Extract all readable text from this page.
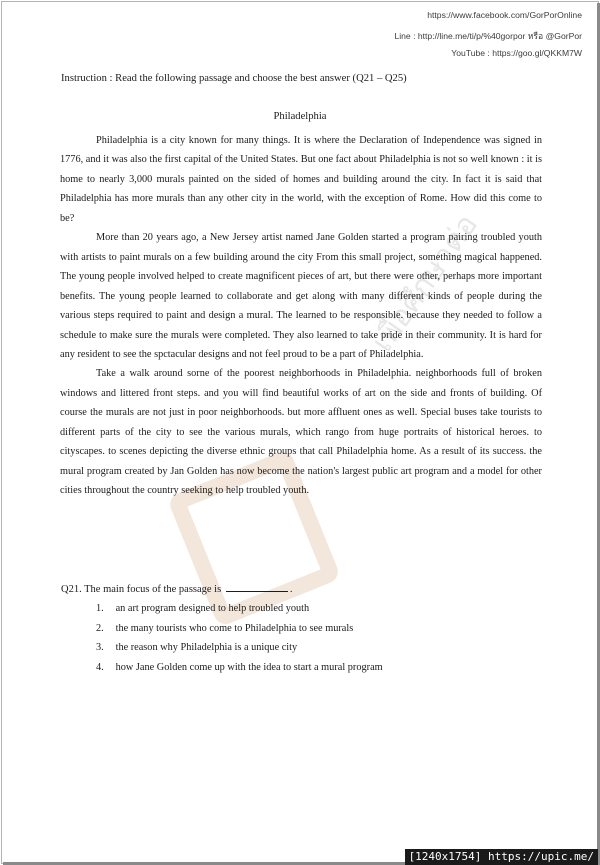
เพื่อศึกษาต่อ
https://www.facebook.com/GorPorOnline
Line : http://line.me/ti/p/%40gorpor หรือ @GorPor
YouTube : https://goo.gl/QKKM7W
Instruction : Read the following passage and choose the best answer (Q21 – Q25)
Philadelphia

Philadelphia is a city known for many things. It is where the Declaration of Independence was signed in 1776, and it was also the first capital of the United States. But one fact about Philadelphia is not so well known : it is home to nearly 3,000 murals painted on the sided of homes and building around the city. In fact it is said that Philadelphia has more murals than any other city in the world, with the exception of Rome. How did this come to be?

More than 20 years ago, a New Jersey artist named Jane Golden started a program pairing troubled youth with artists to paint murals on a few building around the city From this small project, something magical happened. The young people involved helped to create magnificent pieces of art, but there were other, perhaps more important benefits. The young people learned to collaborate and get along with many different kinds of people during the various steps required to paint and design a mural. The learned to be responsible. because they needed to follow a schedule to make sure the murals were completed. They also learned to take pride in their community. It is hard for any resident to see the spctacular designs and not feel proud to be a part of Philadelphia.

Take a walk around sorne of the poorest neighborhoods in Philadelphia. neighborhoods full of broken windows and littered front steps. and you will find beautiful works of art on the side and fronts of building. Of course the murals are not just in poor neighborhoods. but more affluent ones as well. Special buses take tourists to different parts of the city to see the various murals, which rango from huge portraits of historical heroes. to cityscapes. to scenes depicting the diverse ethnic groups that call Philadelphia home. As a result of its success. the mural program created by Jan Golden has now become the nation's largest public art program and a model for other cities throughout the country seeking to help troubled youth.

Q21. The main focus of the passage is	.
1. an art program designed to help troubled youth
2. the many tourists who come to Philadelphia to see murals
3. the reason why Philadelphia is a unique city
4. how Jane Golden come up with the idea to start a mural program
[1240x1754] https://upic.me/
